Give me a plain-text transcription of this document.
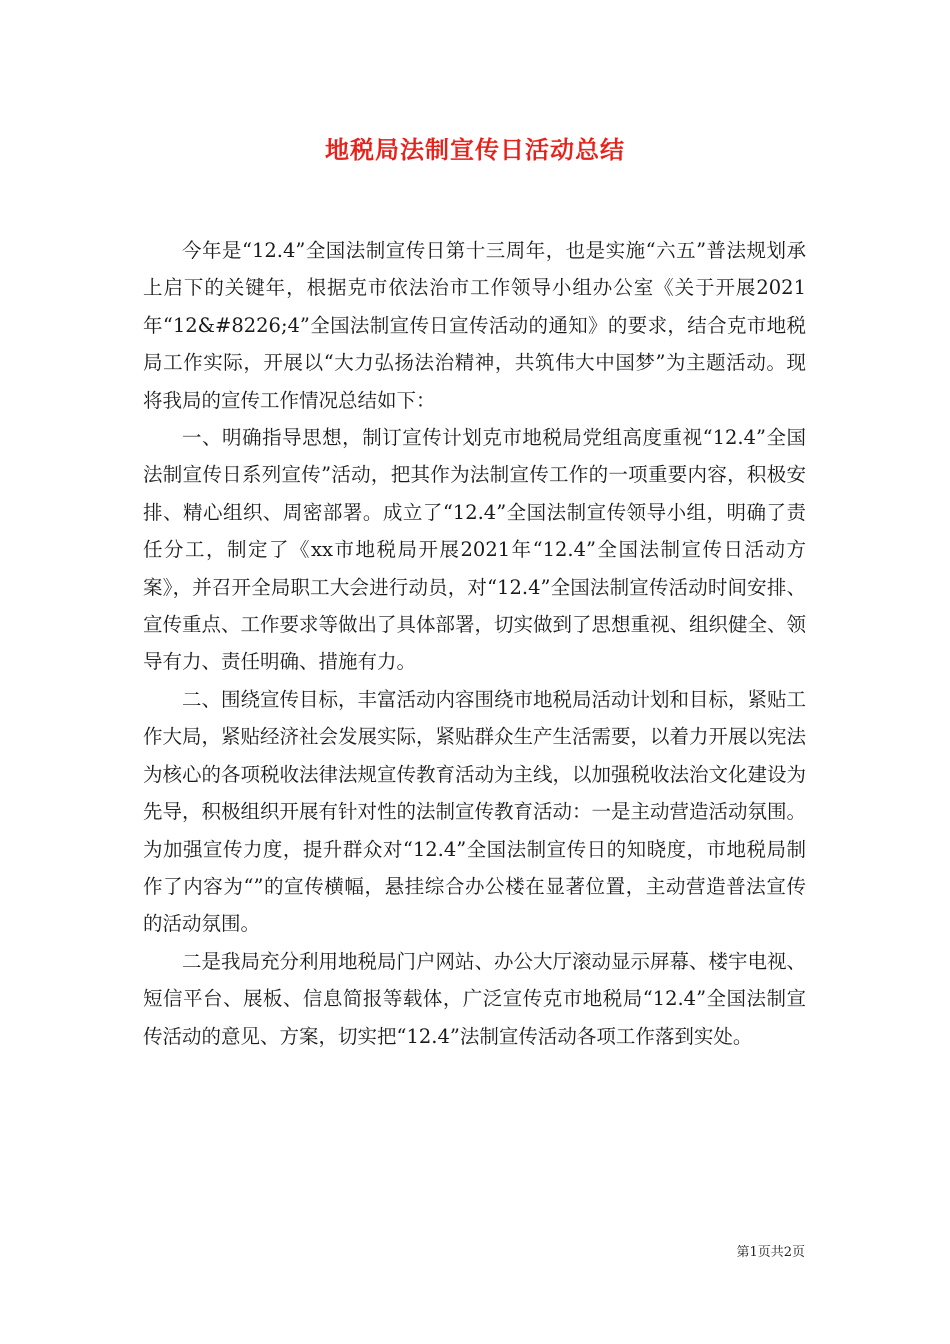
地税局法制宣传日活动总结

今年是“12.4”全国法制宣传日第十三周年，也是实施“六五”普法规划承上启下的关键年，根据克市依法治市工作领导小组办公室《关于开展2021年“12&#8226;4”全国法制宣传日宣传活动的通知》的要求，结合克市地税局工作实际，开展以“大力弘扬法治精神，共筑伟大中国梦”为主题活动。现将我局的宣传工作情况总结如下：

一、明确指导思想，制订宣传计划克市地税局党组高度重视“12.4”全国法制宣传日系列宣传”活动，把其作为法制宣传工作的一项重要内容，积极安排、精心组织、周密部署。成立了“12.4”全国法制宣传领导小组，明确了责任分工，制定了《xx市地税局开展2021年“12.4”全国法制宣传日活动方案》，并召开全局职工大会进行动员，对“12.4”全国法制宣传活动时间安排、宣传重点、工作要求等做出了具体部署，切实做到了思想重视、组织健全、领导有力、责任明确、措施有力。

二、围绕宣传目标，丰富活动内容围绕市地税局活动计划和目标，紧贴工作大局，紧贴经济社会发展实际，紧贴群众生产生活需要，以着力开展以宪法为核心的各项税收法律法规宣传教育活动为主线，以加强税收法治文化建设为先导，积极组织开展有针对性的法制宣传教育活动：一是主动营造活动氛围。为加强宣传力度，提升群众对“12.4”全国法制宣传日的知晓度，市地税局制作了内容为“”的宣传横幅，悬挂综合办公楼在显著位置，主动营造普法宣传的活动氛围。

二是我局充分利用地税局门户网站、办公大厅滚动显示屏幕、楼宇电视、短信平台、展板、信息简报等载体，广泛宣传克市地税局“12.4”全国法制宣传活动的意见、方案，切实把“12.4”法制宣传活动各项工作落到实处。

第1页共2页
